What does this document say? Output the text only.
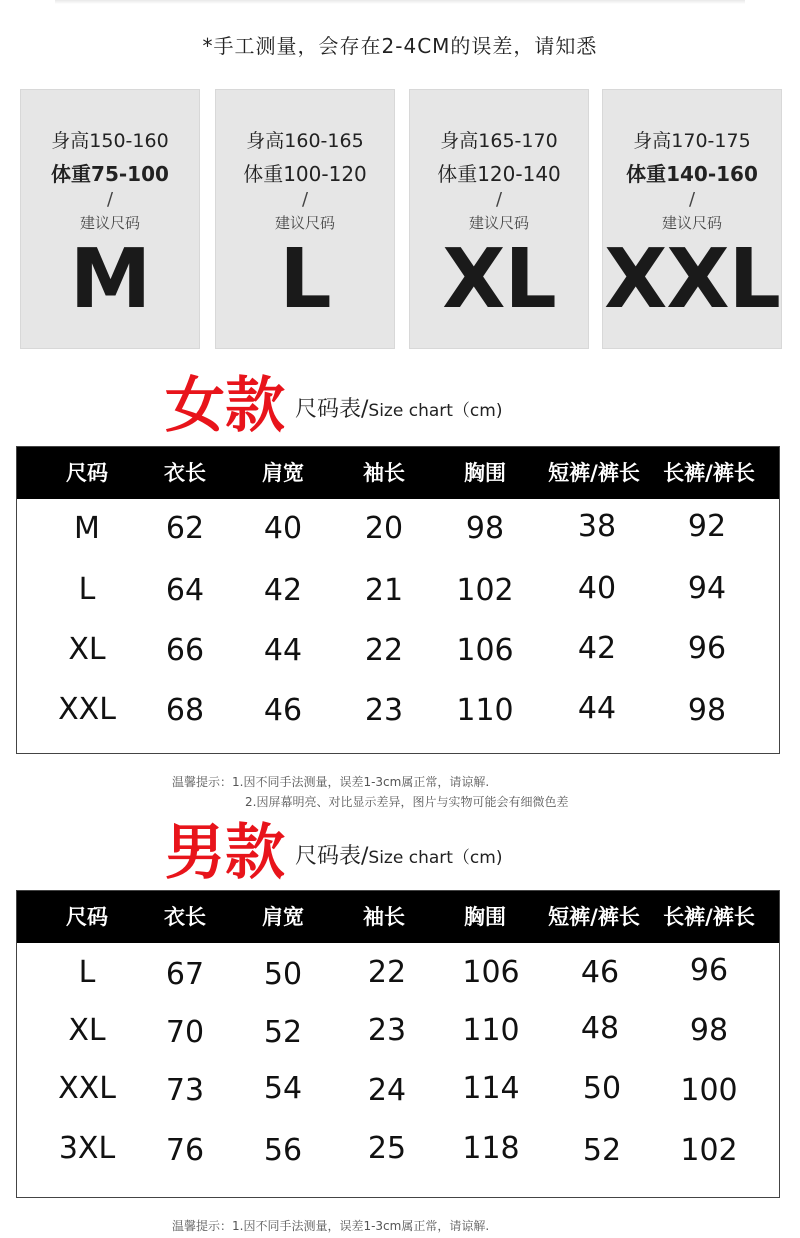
*手工测量，会存在2-4CM的误差，请知悉
身高150-160
体重75-100
/
建议尺码
M
身高160-165
体重100-120
/
建议尺码
L
身高165-170
体重120-140
/
建议尺码
XL
身高170-175
体重140-160
/
建议尺码
XXL
女款 尺码表/Size chart（cm)
尺码	衣长	肩宽	袖长	胸围 短裤/裤长 长裤/裤长
M 62 40 20 98 38 92
L 64 42 21 102 40 94
XL 66 44 22 106 42 96
XXL 68 46 23 110 44 98
温馨提示：1.因不同手法测量，误差1-3cm属正常，请谅解.
2.因屏幕明亮、对比显示差异，图片与实物可能会有细微色差
男款 尺码表/Size chart（cm)
尺码	衣长	肩宽	袖长	胸围 短裤/裤长 长裤/裤长
L 67 50 22 106 46 96
XL 70 52 23 110 48 98
XXL 73 54 24 114 50 100
3XL 76 56 25 118 52 102
温馨提示：1.因不同手法测量，误差1-3cm属正常，请谅解.
